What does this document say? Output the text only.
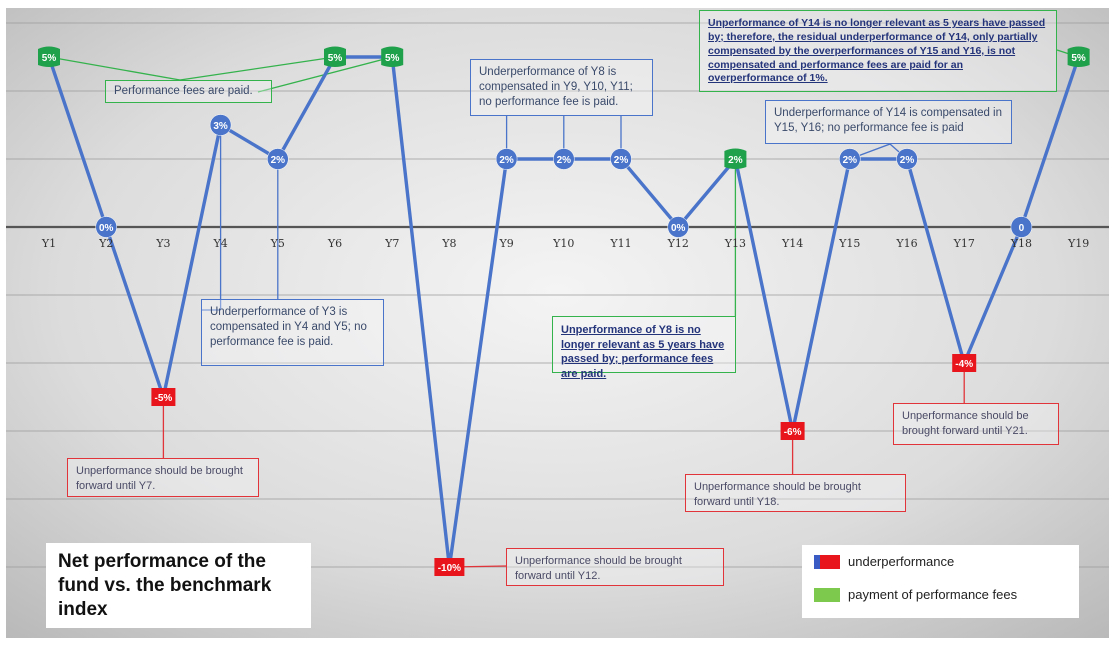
Y1	Y2	Y3	Y4	Y5	Y6	Y7	Y8	Y9	Y10	Y11	Y12	Y13	Y14	Y15	Y16	Y17	Y18	Y19
5%
0%
-5%
3%
2%
5%	5%
-10%
2%	2%	2%
0%
2%
-6%
2%	2%
-4%
0
5%
Performance fees are paid.
Underperformance of Y3 is compensated in Y4 and Y5; no performance fee is paid.
Unperformance should be brought forward until Y7.
Underperformance of Y8 is compensated in Y9, Y10, Y11; no performance fee is paid.
Unperformance should be brought forward until Y12.
Unperformance of Y8 is no longer relevant as 5 years have passed by; performance fees are paid.
Underperformance of Y14 is compensated in Y15, Y16; no performance fee is paid
Unperformance should be brought forward until Y18.
Unperformance of Y14 is no longer relevant as 5 years have passed by; therefore, the residual underperformance of Y14, only partially compensated by the overperformances of Y15 and Y16, is not compensated and performance fees are paid for an overperformance of 1%.
Unperformance should be brought forward until Y21.
Net performance of the fund vs. the benchmark index
underperformance
payment of performance fees
